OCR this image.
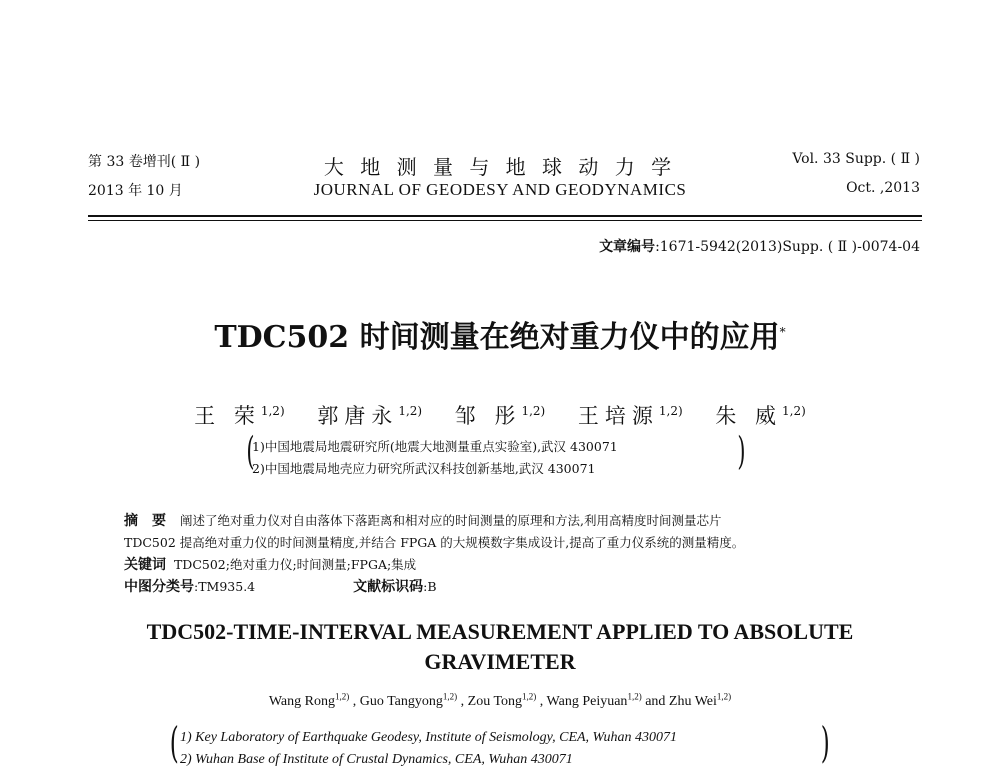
第 33 卷增刊( Ⅱ )
2013 年 10 月
大 地 测 量 与 地 球 动 力 学
JOURNAL OF GEODESY AND GEODYNAMICS
Vol. 33 Supp. ( Ⅱ )
Oct. ,2013
文章编号:1671-5942(2013)Supp. ( Ⅱ )-0074-04
TDC502 时间测量在绝对重力仪中的应用*
王 荣$^{1,2)}$ 郭唐永$^{1,2)}$ 邹 彤$^{1,2)}$ 王培源$^{1,2)}$ 朱 威$^{1,2)}$
(
1)中国地震局地震研究所(地震大地测量重点实验室),武汉 430071
2)中国地震局地壳应力研究所武汉科技创新基地,武汉 430071	)
摘要阐述了绝对重力仪对自由落体下落距离和相对应的时间测量的原理和方法,利用高精度时间测量芯片
TDC502 提高绝对重力仪的时间测量精度,并结合 FPGA 的大规模数字集成设计,提高了重力仪系统的测量精度。
关键词 TDC502;绝对重力仪;时间测量;FPGA;集成
中图分类号:TM935.4	文献标识码:B
TDC502-TIME-INTERVAL MEASUREMENT APPLIED TO ABSOLUTE
GRAVIMETER
Wang Rong$^{1,2)}$ , Guo Tangyong$^{1,2)}$ , Zou Tong$^{1,2)}$ , Wang Peiyuan$^{1,2)}$ and Zhu Wei$^{1,2)}$
( 1) Key Laboratory of Earthquake Geodesy, Institute of Seismology, CEA, Wuhan 430071
2) Wuhan Base of Institute of Crustal Dynamics, CEA, Wuhan 430071	)
